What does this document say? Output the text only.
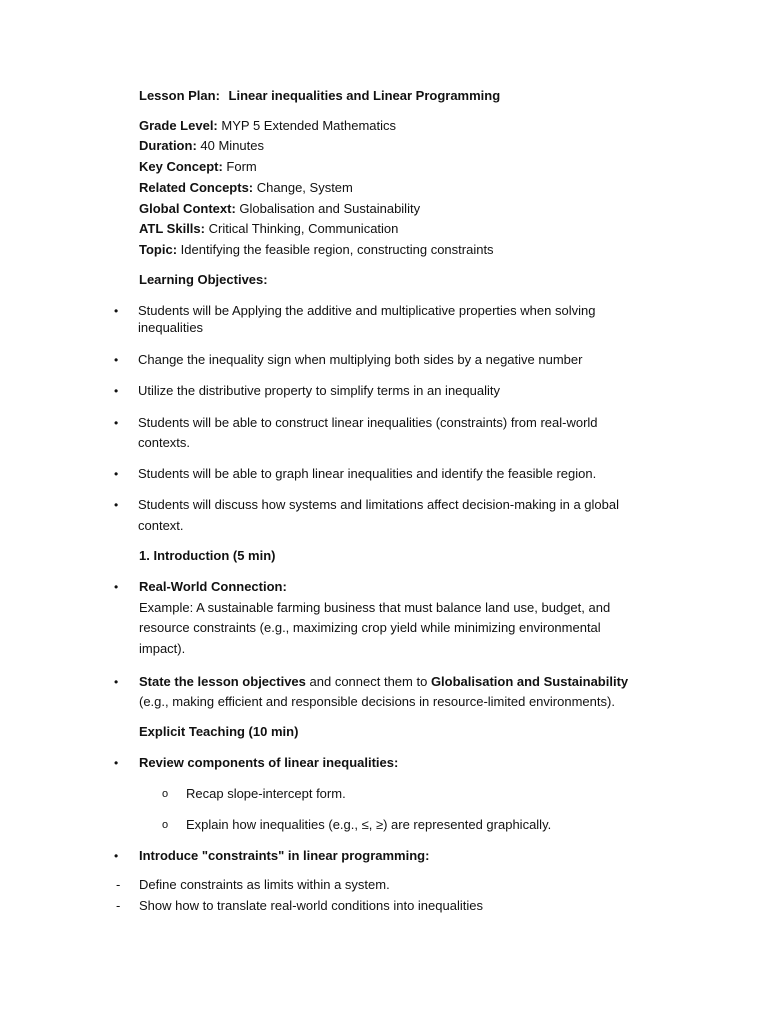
Lesson Plan: Linear inequalities and Linear Programming
Grade Level: MYP 5 Extended Mathematics
Duration: 40 Minutes
Key Concept: Form
Related Concepts: Change, System
Global Context: Globalisation and Sustainability
ATL Skills: Critical Thinking, Communication
Topic: Identifying the feasible region, constructing constraints
Learning Objectives:
• Students will be Applying the additive and multiplicative properties when solving
inequalities
• Change the inequality sign when multiplying both sides by a negative number
• Utilize the distributive property to simplify terms in an inequality
• Students will be able to construct linear inequalities (constraints) from real-world
contexts.
• Students will be able to graph linear inequalities and identify the feasible region.
• Students will discuss how systems and limitations affect decision-making in a global
context.
1. Introduction (5 min)
• Real-World Connection:
Example: A sustainable farming business that must balance land use, budget, and
resource constraints (e.g., maximizing crop yield while minimizing environmental
impact).
• State the lesson objectives and connect them to Globalisation and Sustainability
(e.g., making efficient and responsible decisions in resource-limited environments).
Explicit Teaching (10 min)
• Review components of linear inequalities:
o Recap slope-intercept form.
o Explain how inequalities (e.g., ≤, ≥) are represented graphically.
• Introduce "constraints" in linear programming:
- Define constraints as limits within a system.
- Show how to translate real-world conditions into inequalities
